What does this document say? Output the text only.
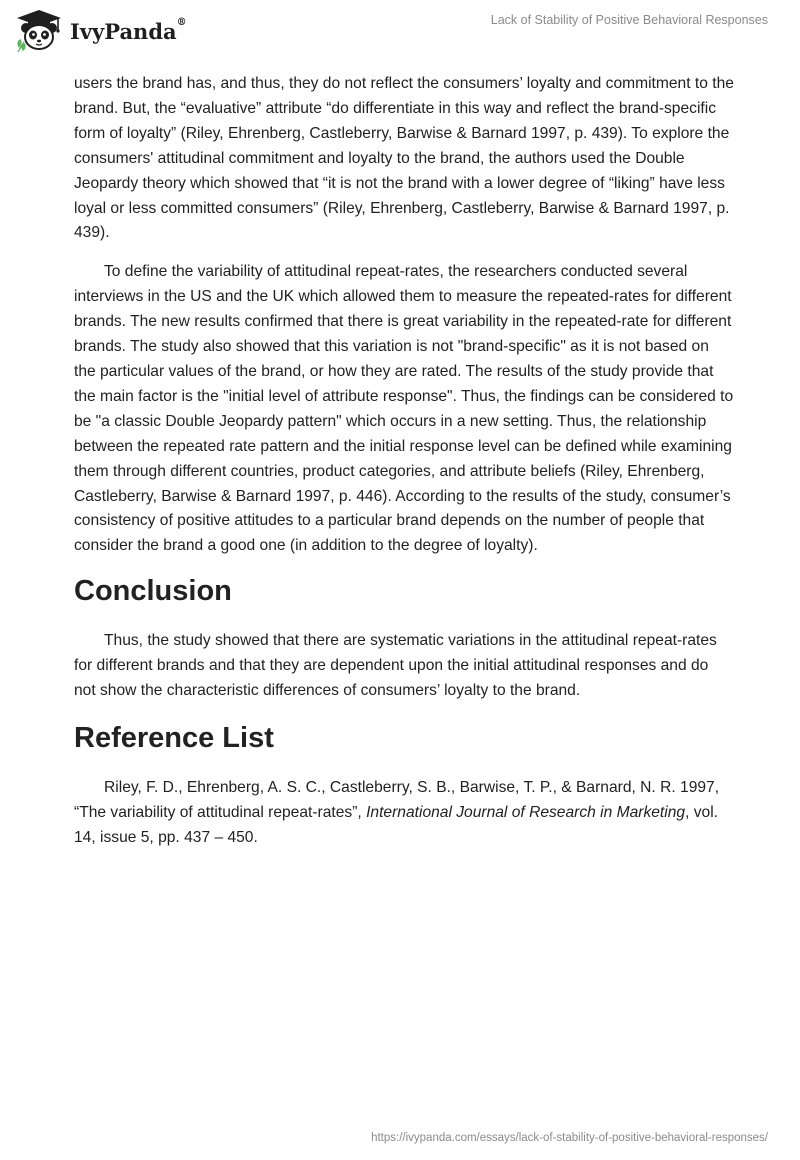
IvyPanda®	Lack of Stability of Positive Behavioral Responses

users the brand has, and thus, they do not reflect the consumers’ loyalty and commitment to the brand. But, the “evaluative” attribute “do differentiate in this way and reflect the brand-specific form of loyalty” (Riley, Ehrenberg, Castleberry, Barwise & Barnard 1997, p. 439). To explore the consumers' attitudinal commitment and loyalty to the brand, the authors used the Double Jeopardy theory which showed that “it is not the brand with a lower degree of “liking” have less loyal or less committed consumers” (Riley, Ehrenberg, Castleberry, Barwise & Barnard 1997, p. 439).

To define the variability of attitudinal repeat-rates, the researchers conducted several interviews in the US and the UK which allowed them to measure the repeated-rates for different brands. The new results confirmed that there is great variability in the repeated-rate for different brands. The study also showed that this variation is not "brand-specific" as it is not based on the particular values of the brand, or how they are rated. The results of the study provide that the main factor is the "initial level of attribute response". Thus, the findings can be considered to be "a classic Double Jeopardy pattern" which occurs in a new setting. Thus, the relationship between the repeated rate pattern and the initial response level can be defined while examining them through different countries, product categories, and attribute beliefs (Riley, Ehrenberg, Castleberry, Barwise & Barnard 1997, p. 446). According to the results of the study, consumer’s consistency of positive attitudes to a particular brand depends on the number of people that consider the brand a good one (in addition to the degree of loyalty).

Conclusion

Thus, the study showed that there are systematic variations in the attitudinal repeat-rates for different brands and that they are dependent upon the initial attitudinal responses and do not show the characteristic differences of consumers’ loyalty to the brand.

Reference List

Riley, F. D., Ehrenberg, A. S. C., Castleberry, S. B., Barwise, T. P., & Barnard, N. R. 1997, “The variability of attitudinal repeat-rates”, International Journal of Research in Marketing, vol. 14, issue 5, pp. 437 – 450.

https://ivypanda.com/essays/lack-of-stability-of-positive-behavioral-responses/
